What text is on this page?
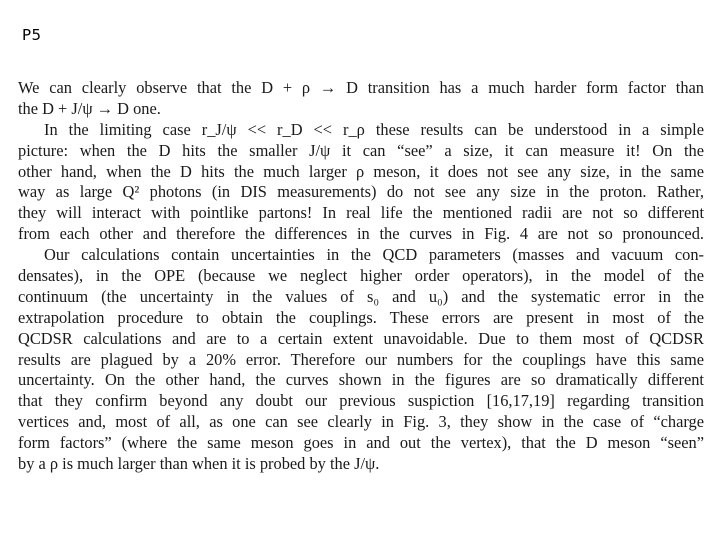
P5
We can clearly observe that the D + ρ → D transition has a much harder form factor than
the D + J/ψ → D one.
In the limiting case r_J/ψ << r_D << r_ρ these results can be understood in a simple
picture: when the D hits the smaller J/ψ it can “see” a size, it can measure it! On the
other hand, when the D hits the much larger ρ meson, it does not see any size, in the same
way as large Q² photons (in DIS measurements) do not see any size in the proton. Rather,
they will interact with pointlike partons! In real life the mentioned radii are not so different
from each other and therefore the differences in the curves in Fig. 4 are not so pronounced.
Our calculations contain uncertainties in the QCD parameters (masses and vacuum con-
densates), in the OPE (because we neglect higher order operators), in the model of the
continuum (the uncertainty in the values of s₀ and u₀) and the systematic error in the
extrapolation procedure to obtain the couplings. These errors are present in most of the
QCDSR calculations and are to a certain extent unavoidable. Due to them most of QCDSR
results are plagued by a 20% error. Therefore our numbers for the couplings have this same
uncertainty. On the other hand, the curves shown in the figures are so dramatically different
that they confirm beyond any doubt our previous suspiction [16,17,19] regarding transition
vertices and, most of all, as one can see clearly in Fig. 3, they show in the case of “charge
form factors” (where the same meson goes in and out the vertex), that the D meson “seen”
by a ρ is much larger than when it is probed by the J/ψ.
